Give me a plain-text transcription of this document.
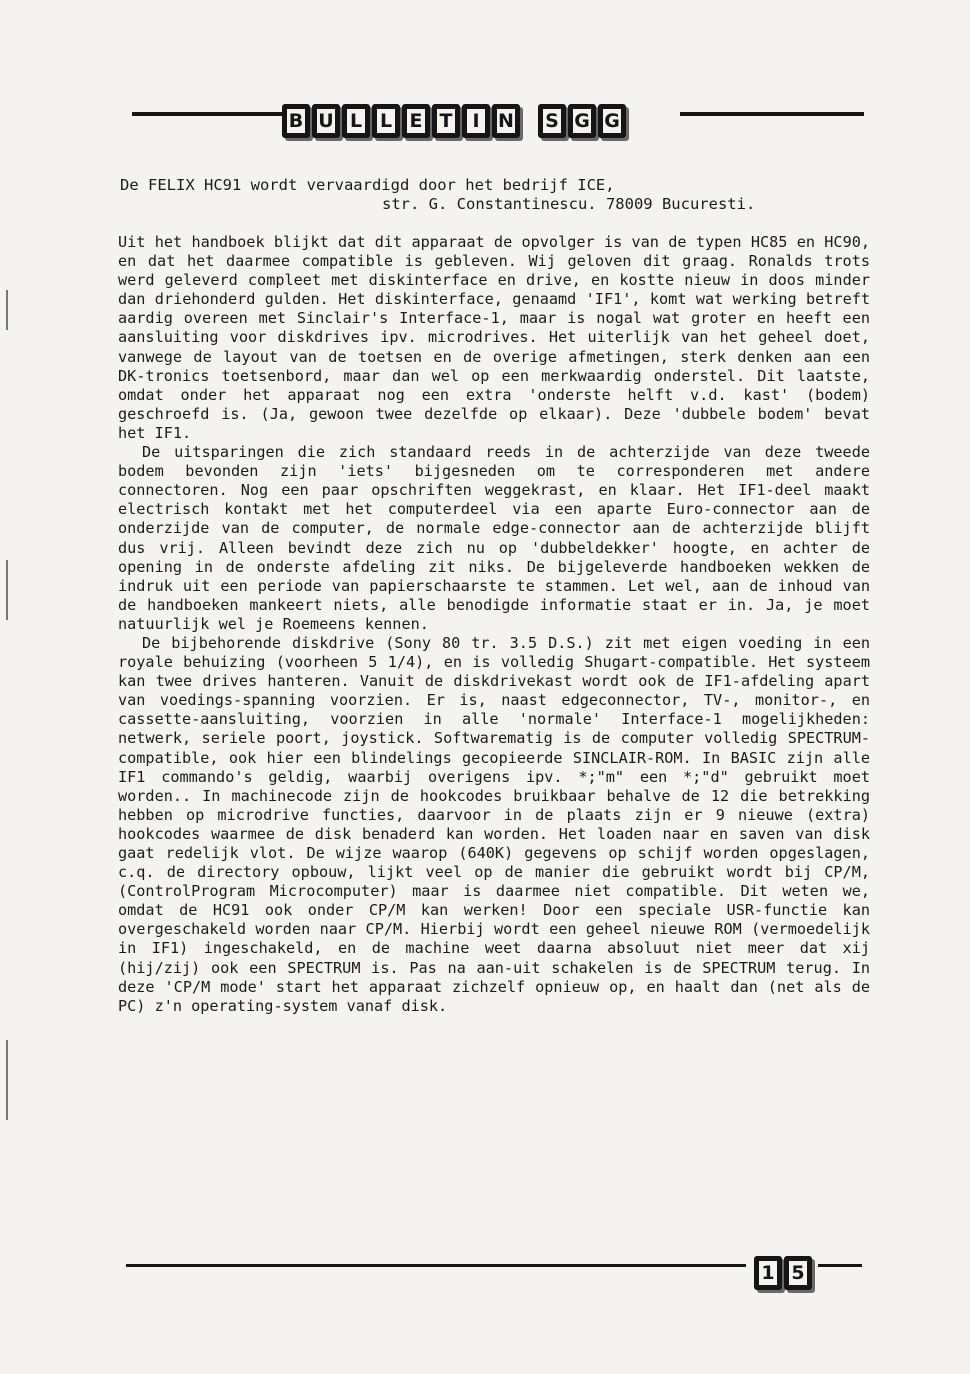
B U L L E T I N S G G
De FELIX HC91 wordt vervaardigd door het bedrijf ICE,
str. G. Constantinescu. 78009 Bucuresti.

Uit het handboek blijkt dat dit apparaat de opvolger is van de typen HC85 en HC90, en dat het daarmee compatible is gebleven. Wij geloven dit graag. Ronalds trots werd geleverd compleet met diskinterface en drive, en kostte nieuw in doos minder dan driehonderd gulden. Het diskinterface, genaamd 'IF1', komt wat werking betreft aardig overeen met Sinclair's Interface-1, maar is nogal wat groter en heeft een aansluiting voor diskdrives ipv. microdrives. Het uiterlijk van het geheel doet, vanwege de layout van de toetsen en de overige afmetingen, sterk denken aan een DK-tronics toetsenbord, maar dan wel op een merkwaardig onderstel. Dit laatste, omdat onder het apparaat nog een extra 'onderste helft v.d. kast' (bodem) geschroefd is. (Ja, gewoon twee dezelfde op elkaar). Deze 'dubbele bodem' bevat het IF1.

De uitsparingen die zich standaard reeds in de achterzijde van deze tweede bodem bevonden zijn 'iets' bijgesneden om te corresponderen met andere connectoren. Nog een paar opschriften weggekrast, en klaar. Het IF1-deel maakt electrisch kontakt met het computerdeel via een aparte Euro-connector aan de onderzijde van de computer, de normale edge-connector aan de achterzijde blijft dus vrij. Alleen bevindt deze zich nu op 'dubbeldekker' hoogte, en achter de opening in de onderste afdeling zit niks. De bijgeleverde handboeken wekken de indruk uit een periode van papierschaarste te stammen. Let wel, aan de inhoud van de handboeken mankeert niets, alle benodigde informatie staat er in. Ja, je moet natuurlijk wel je Roemeens kennen.

De bijbehorende diskdrive (Sony 80 tr. 3.5 D.S.) zit met eigen voeding in een royale behuizing (voorheen 5 1/4), en is volledig Shugart-compatible. Het systeem kan twee drives hanteren. Vanuit de diskdrivekast wordt ook de IF1-afdeling apart van voedings-spanning voorzien. Er is, naast edgeconnector, TV-, monitor-, en cassette-aansluiting, voorzien in alle 'normale' Interface-1 mogelijkheden: netwerk, seriele poort, joystick. Softwarematig is de computer volledig SPECTRUM-compatible, ook hier een blindelings gecopieerde SINCLAIR-ROM. In BASIC zijn alle IF1 commando's geldig, waarbij overigens ipv. *;"m" een *;"d" gebruikt moet worden.. In machinecode zijn de hookcodes bruikbaar behalve de 12 die betrekking hebben op microdrive functies, daarvoor in de plaats zijn er 9 nieuwe (extra) hookcodes waarmee de disk benaderd kan worden. Het loaden naar en saven van disk gaat redelijk vlot. De wijze waarop (640K) gegevens op schijf worden opgeslagen, c.q. de directory opbouw, lijkt veel op de manier die gebruikt wordt bij CP/M, (ControlProgram Microcomputer) maar is daarmee niet compatible. Dit weten we, omdat de HC91 ook onder CP/M kan werken! Door een speciale USR-functie kan overgeschakeld worden naar CP/M. Hierbij wordt een geheel nieuwe ROM (vermoedelijk in IF1) ingeschakeld, en de machine weet daarna absoluut niet meer dat xij (hij/zij) ook een SPECTRUM is. Pas na aan-uit schakelen is de SPECTRUM terug. In deze 'CP/M mode' start het apparaat zichzelf opnieuw op, en haalt dan (net als de PC) z'n operating-system vanaf disk.

1 5
